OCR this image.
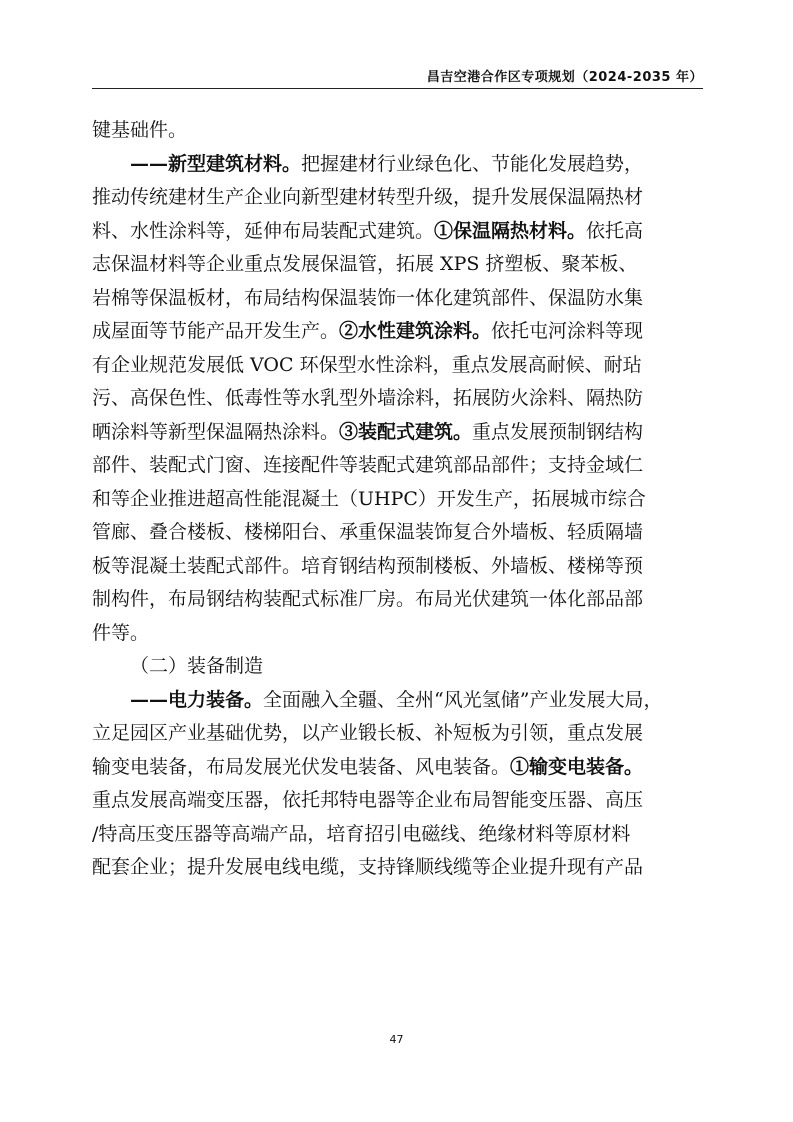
昌吉空港合作区专项规划（2024-2035 年）
键基础件。
——新型建筑材料。把握建材行业绿色化、节能化发展趋势，
推动传统建材生产企业向新型建材转型升级，提升发展保温隔热材
料、水性涂料等，延伸布局装配式建筑。①保温隔热材料。依托高
志保温材料等企业重点发展保温管，拓展 XPS 挤塑板、聚苯板、
岩棉等保温板材，布局结构保温装饰一体化建筑部件、保温防水集
成屋面等节能产品开发生产。②水性建筑涂料。依托屯河涂料等现
有企业规范发展低 VOC 环保型水性涂料，重点发展高耐候、耐玷
污、高保色性、低毒性等水乳型外墙涂料，拓展防火涂料、隔热防
晒涂料等新型保温隔热涂料。③装配式建筑。重点发展预制钢结构
部件、装配式门窗、连接配件等装配式建筑部品部件；支持金域仁
和等企业推进超高性能混凝土（UHPC）开发生产，拓展城市综合
管廊、叠合楼板、楼梯阳台、承重保温装饰复合外墙板、轻质隔墙
板等混凝土装配式部件。培育钢结构预制楼板、外墙板、楼梯等预
制构件，布局钢结构装配式标准厂房。布局光伏建筑一体化部品部
件等。
（二）装备制造
——电力装备。全面融入全疆、全州“风光氢储”产业发展大局，
立足园区产业基础优势，以产业锻长板、补短板为引领，重点发展
输变电装备，布局发展光伏发电装备、风电装备。①输变电装备。
重点发展高端变压器，依托邦特电器等企业布局智能变压器、高压
/特高压变压器等高端产品，培育招引电磁线、绝缘材料等原材料
配套企业；提升发展电线电缆，支持锋顺线缆等企业提升现有产品
47
